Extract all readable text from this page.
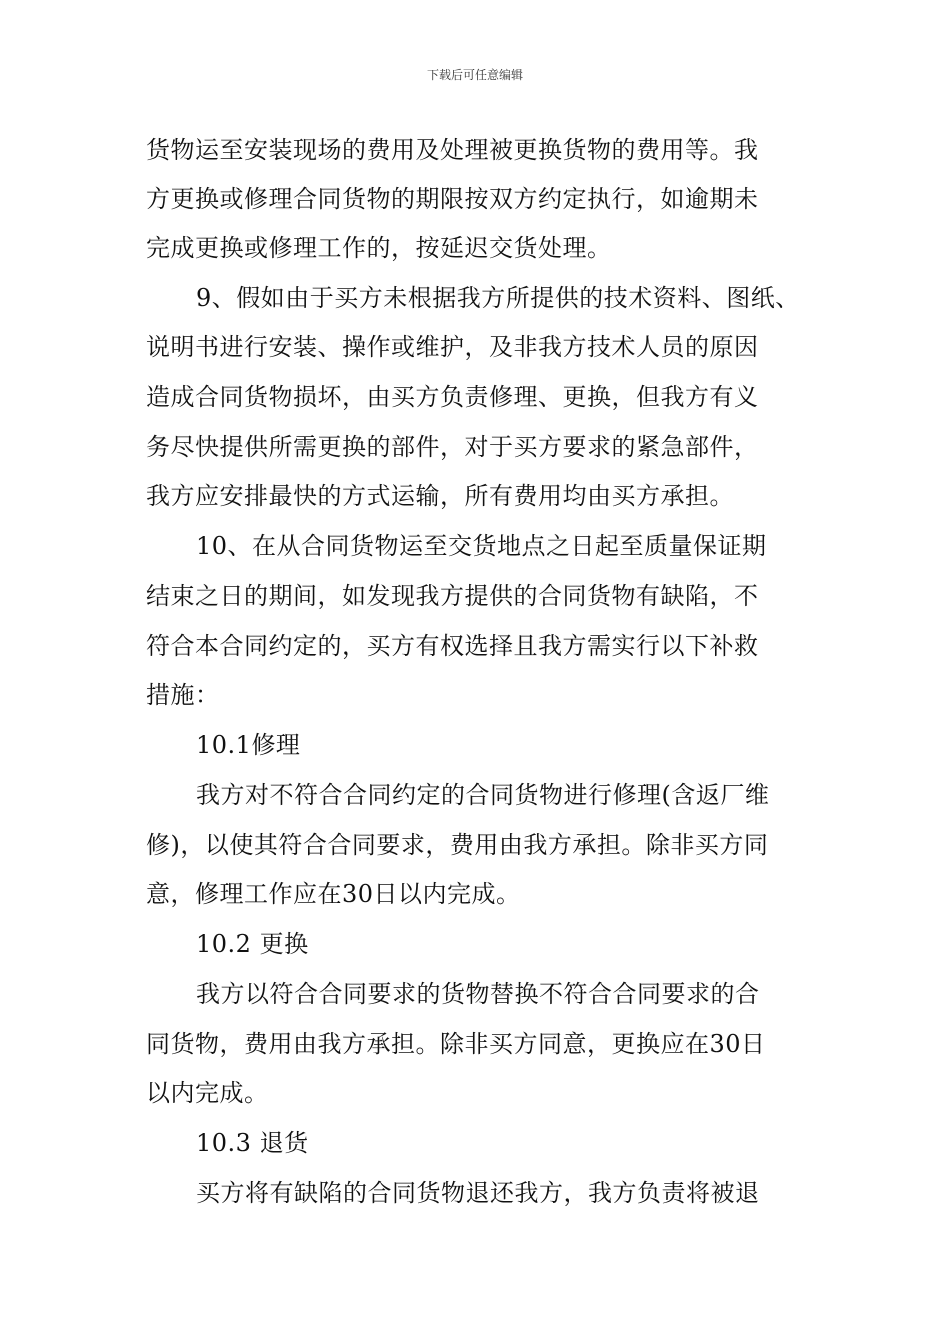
下载后可任意编辑
货物运至安装现场的费用及处理被更换货物的费用等。我
方更换或修理合同货物的期限按双方约定执行，如逾期未
完成更换或修理工作的，按延迟交货处理。
9、假如由于买方未根据我方所提供的技术资料、图纸、
说明书进行安装、操作或维护，及非我方技术人员的原因
造成合同货物损坏，由买方负责修理、更换，但我方有义
务尽快提供所需更换的部件，对于买方要求的紧急部件，
我方应安排最快的方式运输，所有费用均由买方承担。
10、在从合同货物运至交货地点之日起至质量保证期
结束之日的期间，如发现我方提供的合同货物有缺陷，不
符合本合同约定的，买方有权选择且我方需实行以下补救
措施：
10.1修理
我方对不符合合同约定的合同货物进行修理(含返厂维
修)，以使其符合合同要求，费用由我方承担。除非买方同
意，修理工作应在30日以内完成。
10.2 更换
我方以符合合同要求的货物替换不符合合同要求的合
同货物，费用由我方承担。除非买方同意，更换应在30日
以内完成。
10.3 退货
买方将有缺陷的合同货物退还我方，我方负责将被退
